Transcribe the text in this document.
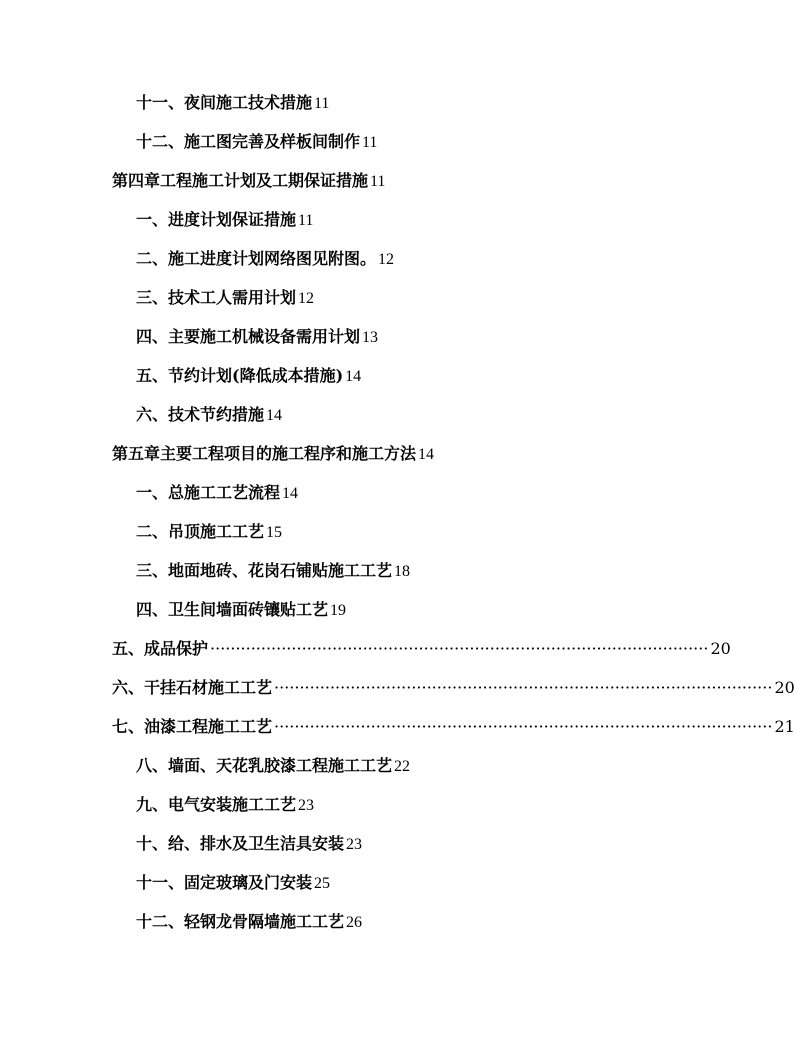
十一、夜间施工技术措施 11
十二、施工图完善及样板间制作 11
第四章工程施工计划及工期保证措施 11
一、进度计划保证措施 11
二、施工进度计划网络图见附图。 12
三、技术工人需用计划 12
四、主要施工机械设备需用计划 13
五、节约计划(降低成本措施) 14
六、技术节约措施 14
第五章主要工程项目的施工程序和施工方法 14
一、总施工工艺流程 14
二、吊顶施工工艺 15
三、地面地砖、花岗石铺贴施工工艺 18
四、卫生间墙面砖镶贴工艺 19
五、成品保护 ·································································································· 20
六、干挂石材施工工艺 ·································································································· 20
七、油漆工程施工工艺 ·································································································· 21
八、墙面、天花乳胶漆工程施工工艺 22
九、电气安装施工工艺 23
十、给、排水及卫生洁具安装 23
十一、固定玻璃及门安装 25
十二、轻钢龙骨隔墙施工工艺 26
